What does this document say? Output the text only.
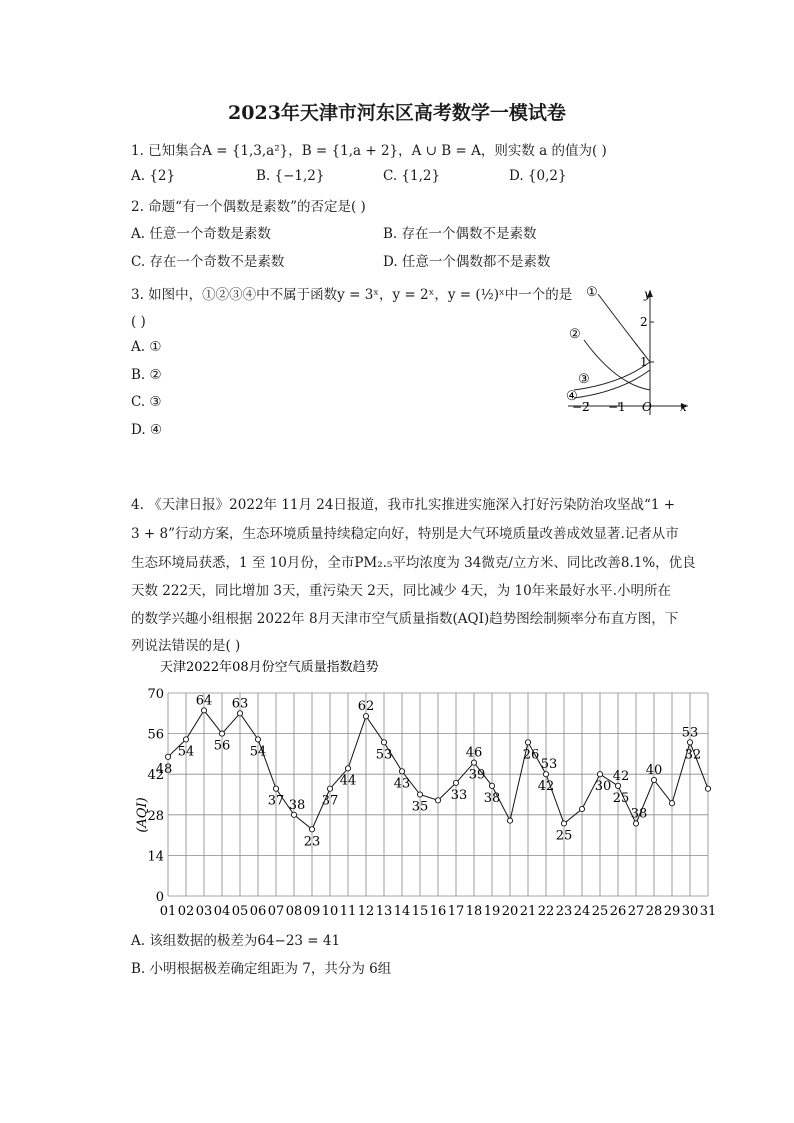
2023年天津市河东区高考数学一模试卷
1. 已知集合A = {1,3,a²}，B = {1,a + 2}，A ∪ B = A，则实数 a 的值为( )
A. {2}	B. {−1,2}	C. {1,2}	D. {0,2}
2. 命题“有一个偶数是素数”的否定是( )
A. 任意一个奇数是素数	B. 存在一个偶数不是素数
C. 存在一个奇数不是素数	D. 任意一个偶数都不是素数
3. 如图中，①②③④中不属于函数y = 3ˣ，y = 2ˣ，y = (½)ˣ中一个的是
( )
A. ①
B. ②
C. ③
D. ④
①
②
③
④
y
x
O
−2 −1
1
2
4. 《天津日报》2022年 11月 24日报道，我市扎实推进实施深入打好污染防治攻坚战“1 +
3 + 8”行动方案，生态环境质量持续稳定向好，特别是大气环境质量改善成效显著.记者从市
生态环境局获悉，1 至 10月份，全市PM₂.₅平均浓度为 34微克/立方米、同比改善8.1%，优良
天数 222天，同比增加 3天，重污染天 2天，同比减少 4天，为 10年来最好水平.小明所在
的数学兴趣小组根据 2022年 8月天津市空气质量指数(AQI)趋势图绘制频率分布直方图，下
列说法错误的是( )
天津2022年08月份空气质量指数趋势
(AQI)
0
14
28
42
56
70
01 02 03 04 05 06 07 08 09 10 11 12 13 14 15 16 17 18 19 20 21 22 23 24 25 26 27 28 29 30 31
48
54
64
56
63
54
37 38
23
37
44
62
53
43
35
33
39
46
38
26
53
42
25
30
42
25
38
40
53
32
A. 该组数据的极差为64−23 = 41
B. 小明根据极差确定组距为 7，共分为 6组
